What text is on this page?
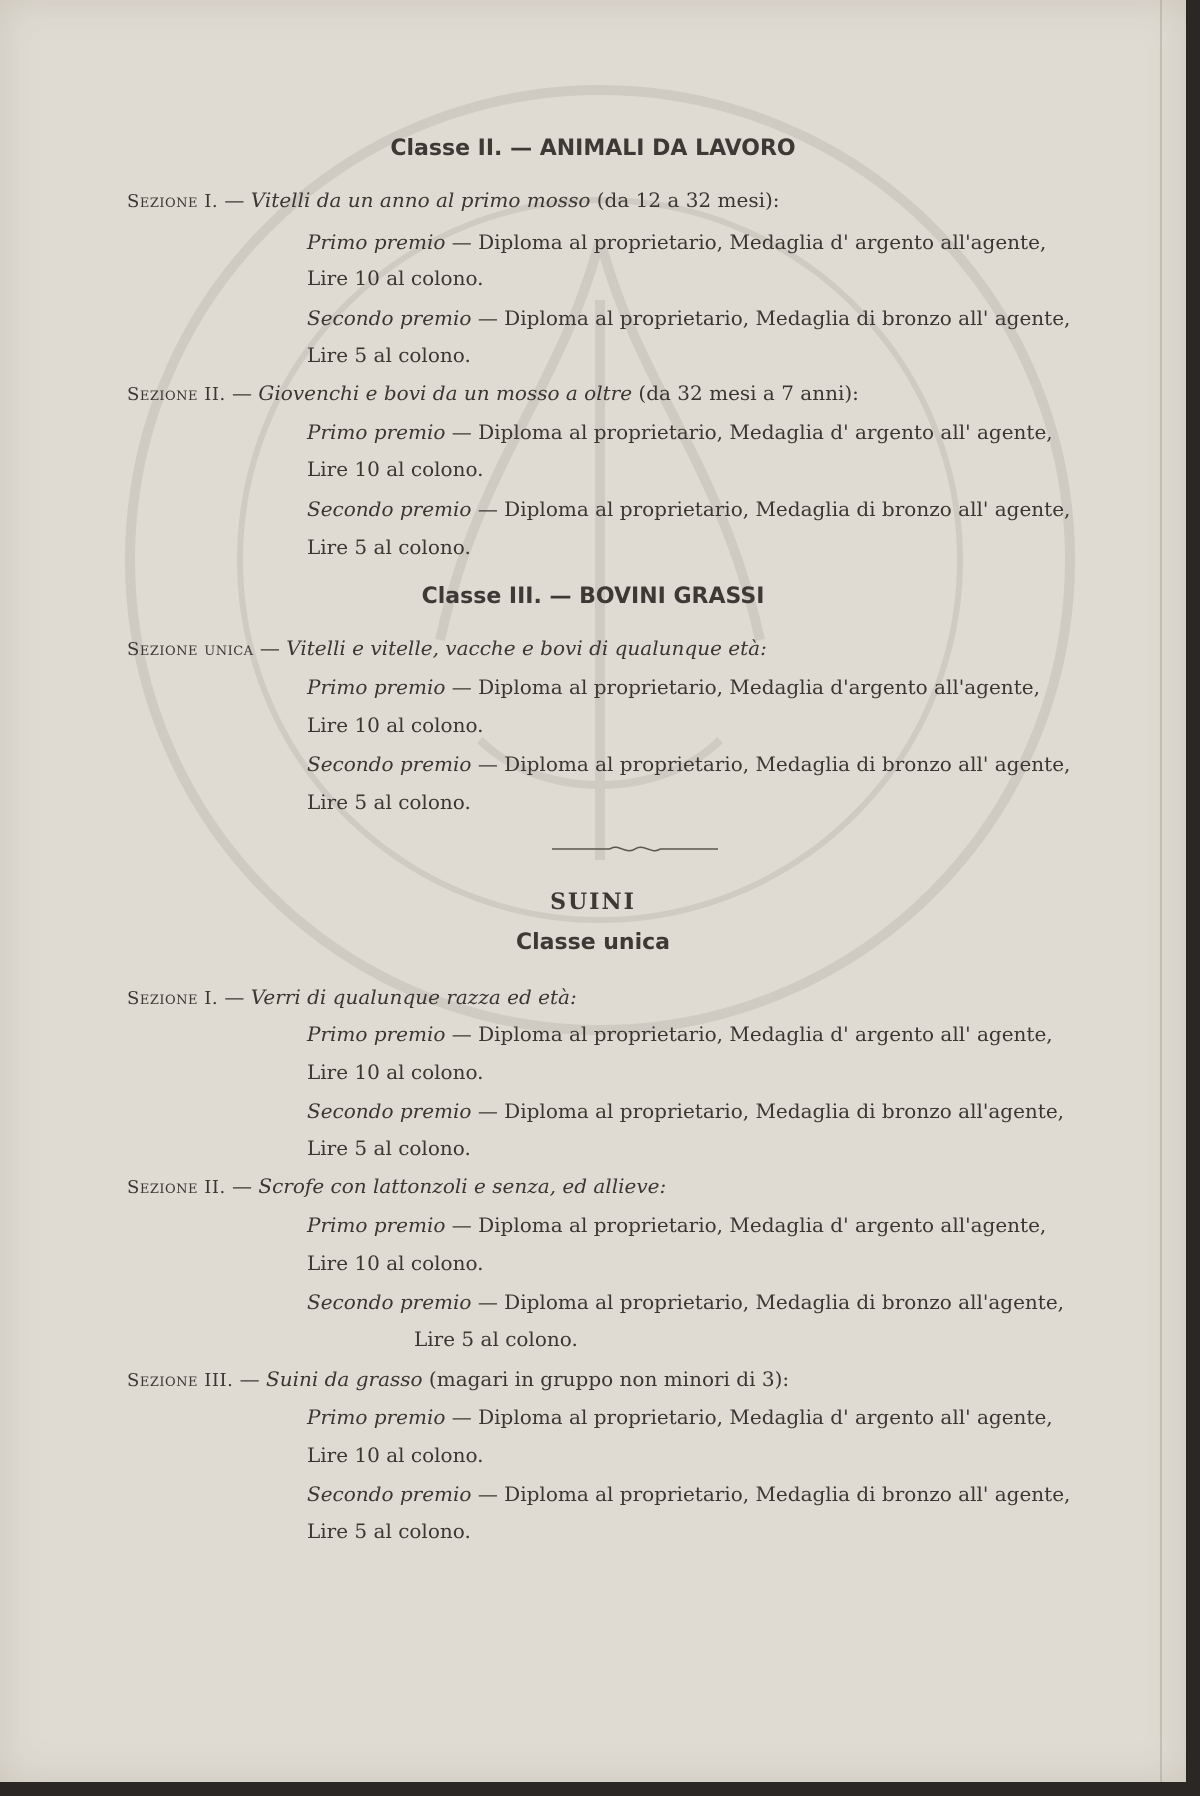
Classe II. — ANIMALI DA LAVORO
Sezione I. — Vitelli da un anno al primo mosso (da 12 a 32 mesi):
Primo premio — Diploma al proprietario, Medaglia d' argento all'agente,
Lire 10 al colono.
Secondo premio — Diploma al proprietario, Medaglia di bronzo all' agente,
Lire 5 al colono.
Sezione II. — Giovenchi e bovi da un mosso a oltre (da 32 mesi a 7 anni):
Primo premio — Diploma al proprietario, Medaglia d' argento all' agente,
Lire 10 al colono.
Secondo premio — Diploma al proprietario, Medaglia di bronzo all' agente,
Lire 5 al colono.
Classe III. — BOVINI GRASSI
Sezione unica — Vitelli e vitelle, vacche e bovi di qualunque età:
Primo premio — Diploma al proprietario, Medaglia d'argento all'agente,
Lire 10 al colono.
Secondo premio — Diploma al proprietario, Medaglia di bronzo all' agente,
Lire 5 al colono.
SUINI
Classe unica
Sezione I. — Verri di qualunque razza ed età:
Primo premio — Diploma al proprietario, Medaglia d' argento all' agente,
Lire 10 al colono.
Secondo premio — Diploma al proprietario, Medaglia di bronzo all'agente,
Lire 5 al colono.
Sezione II. — Scrofe con lattonzoli e senza, ed allieve:
Primo premio — Diploma al proprietario, Medaglia d' argento all'agente,
Lire 10 al colono.
Secondo premio — Diploma al proprietario, Medaglia di bronzo all'agente,
Lire 5 al colono.
Sezione III. — Suini da grasso (magari in gruppo non minori di 3):
Primo premio — Diploma al proprietario, Medaglia d' argento all' agente,
Lire 10 al colono.
Secondo premio — Diploma al proprietario, Medaglia di bronzo all' agente,
Lire 5 al colono.
